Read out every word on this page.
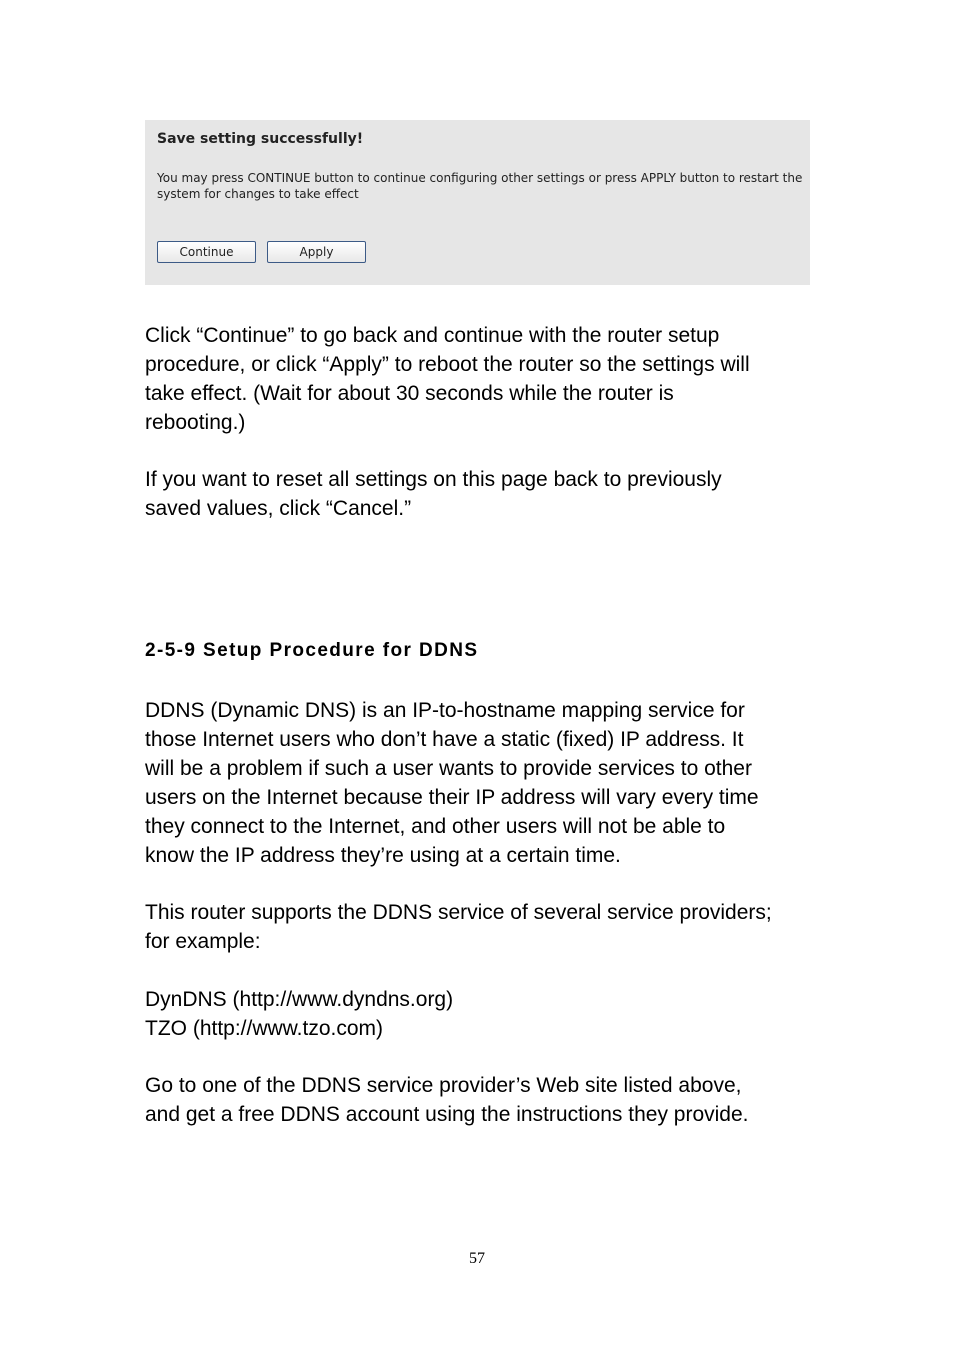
Save setting successfully!
You may press CONTINUE button to continue configuring other settings or press APPLY button to restart the
system for changes to take effect
Continue	Apply

Click “Continue” to go back and continue with the router setup
procedure, or click “Apply” to reboot the router so the settings will
take effect. (Wait for about 30 seconds while the router is
rebooting.)

If you want to reset all settings on this page back to previously
saved values, click “Cancel.”

2-5-9 Setup Procedure for DDNS

DDNS (Dynamic DNS) is an IP-to-hostname mapping service for
those Internet users who don’t have a static (fixed) IP address. It
will be a problem if such a user wants to provide services to other
users on the Internet because their IP address will vary every time
they connect to the Internet, and other users will not be able to
know the IP address they’re using at a certain time.

This router supports the DDNS service of several service providers;
for example:

DynDNS (http://www.dyndns.org)
TZO (http://www.tzo.com)

Go to one of the DDNS service provider’s Web site listed above,
and get a free DDNS account using the instructions they provide.

57
